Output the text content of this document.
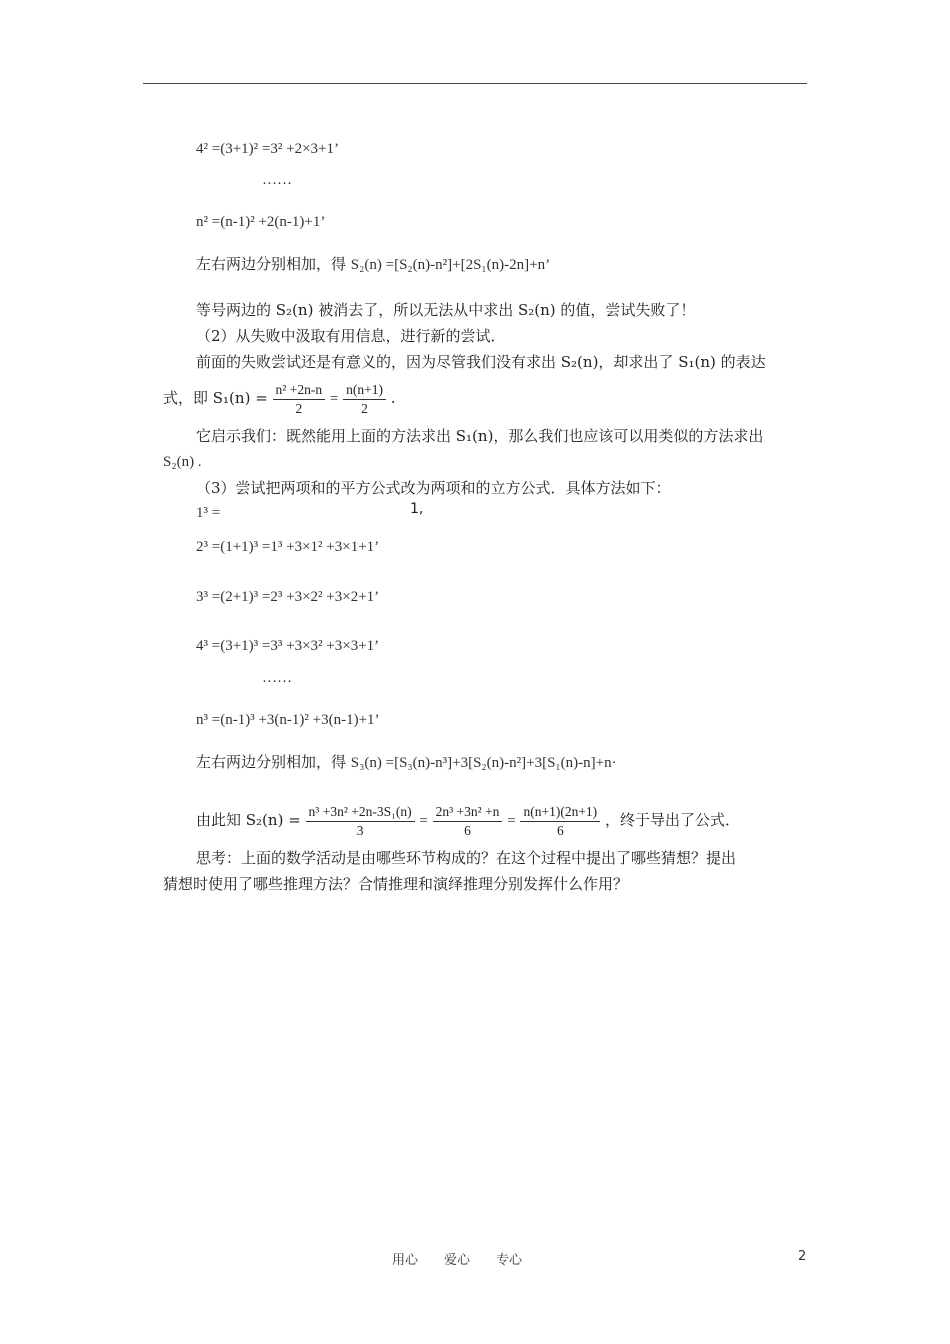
4² =(3+1)² =3² +2×3+1’
……
n² =(n-1)² +2(n-1)+1’
左右两边分别相加，得 S₂(n) =[S₂(n)-n²]+[2S₁(n)-2n]+n’
等号两边的 S₂(n) 被消去了，所以无法从中求出 S₂(n) 的值，尝试失败了！
（2）从失败中汲取有用信息，进行新的尝试．
前面的失败尝试还是有意义的，因为尽管我们没有求出 S₂(n)，却求出了 S₁(n) 的表达
式，即 $S_1(n) = \frac{\text{n² +2n-n}}{2} = \frac{n(n+1)}{2}$ .
它启示我们：既然能用上面的方法求出 S₁(n)，那么我们也应该可以用类似的方法求出
S₂(n) .
（3）尝试把两项和的平方公式改为两项和的立方公式．具体方法如下：
1³ =	1,
2³ =(1+1)³ =1³ +3×1² +3×1+1’
3³ =(2+1)³ =2³ +3×2² +3×2+1’
4³ =(3+1)³ =3³ +3×3² +3×3+1’
……
n³ =(n-1)³ +3(n-1)² +3(n-1)+1’
左右两边分别相加，得 S₃(n) =[S₃(n)-n³]+3[S₂(n)-n²]+3[S₁(n)-n]+n·
由此知 $S_2(n) = \frac{\text{n³ +3n² +2n-3S₁(n)}}{3} = \frac{\text{2n³ +3n² +n}}{6} = \frac{n(n+1)(2n+1)}{6}$ ，终于导出了公式．
思考：上面的数学活动是由哪些环节构成的？在这个过程中提出了哪些猜想？提出
猜想时使用了哪些推理方法？合情推理和演绎推理分别发挥什么作用？
用心　　爱心　　专心	2
